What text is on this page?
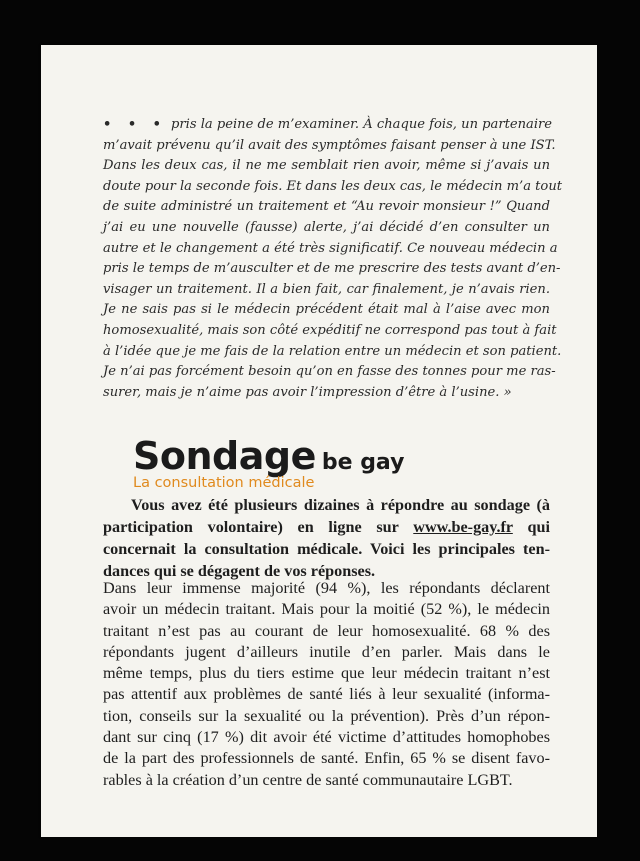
• • • pris la peine de m’examiner. À chaque fois, un partenaire
m’avait prévenu qu’il avait des symptômes faisant penser à une IST.
Dans les deux cas, il ne me semblait rien avoir, même si j’avais un
doute pour la seconde fois. Et dans les deux cas, le médecin m’a tout
de suite administré un traitement et “Au revoir monsieur !” Quand
j’ai eu une nouvelle (fausse) alerte, j’ai décidé d’en consulter un
autre et le changement a été très significatif. Ce nouveau médecin a
pris le temps de m’ausculter et de me prescrire des tests avant d’en-
visager un traitement. Il a bien fait, car finalement, je n’avais rien.
Je ne sais pas si le médecin précédent était mal à l’aise avec mon
homosexualité, mais son côté expéditif ne correspond pas tout à fait
à l’idée que je me fais de la relation entre un médecin et son patient.
Je n’ai pas forcément besoin qu’on en fasse des tonnes pour me ras-
surer, mais je n’aime pas avoir l’impression d’être à l’usine. »
Sondage be gay
La consultation médicale
Vous avez été plusieurs dizaines à répondre au sondage (à
participation volontaire) en ligne sur www.be-gay.fr qui
concernait la consultation médicale. Voici les principales ten-
dances qui se dégagent de vos réponses.
Dans leur immense majorité (94 %), les répondants déclarent
avoir un médecin traitant. Mais pour la moitié (52 %), le médecin
traitant n’est pas au courant de leur homosexualité. 68 % des
répondants jugent d’ailleurs inutile d’en parler. Mais dans le
même temps, plus du tiers estime que leur médecin traitant n’est
pas attentif aux problèmes de santé liés à leur sexualité (informa-
tion, conseils sur la sexualité ou la prévention). Près d’un répon-
dant sur cinq (17 %) dit avoir été victime d’attitudes homophobes
de la part des professionnels de santé. Enfin, 65 % se disent favo-
rables à la création d’un centre de santé communautaire LGBT.
